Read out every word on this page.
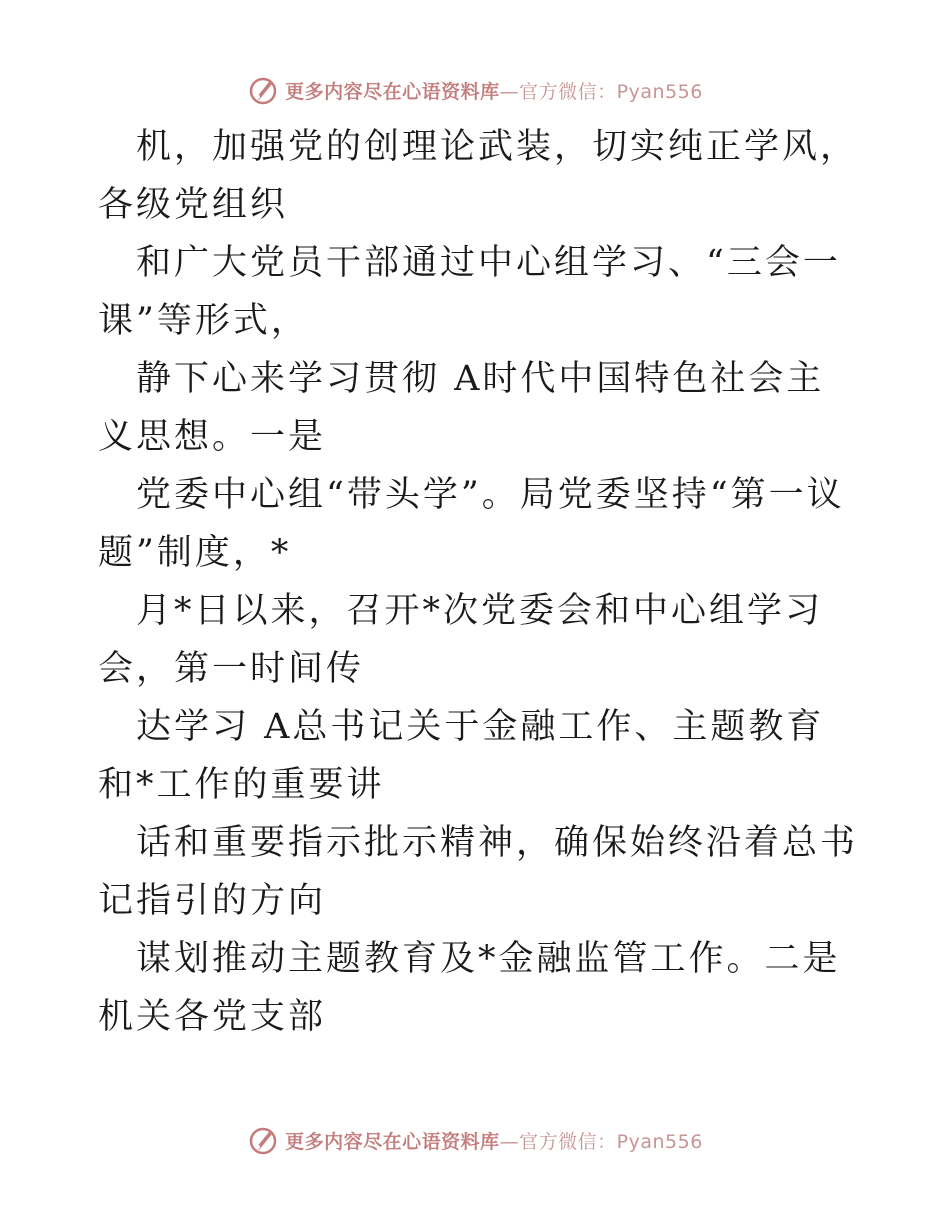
更多内容尽在心语资料库—官方微信：Pyan556

机，加强党的创理论武装，切实纯正学风，各级党组织

和广大党员干部通过中心组学习、“三会一课”等形式，

静下心来学习贯彻 A时代中国特色社会主义思想。一是

党委中心组“带头学”。局党委坚持“第一议题”制度，*

月*日以来，召开*次党委会和中心组学习会，第一时间传

达学习 A总书记关于金融工作、主题教育和*工作的重要讲

话和重要指示批示精神，确保始终沿着总书记指引的方向

谋划推动主题教育及*金融监管工作。二是机关各党支部

更多内容尽在心语资料库—官方微信：Pyan556
